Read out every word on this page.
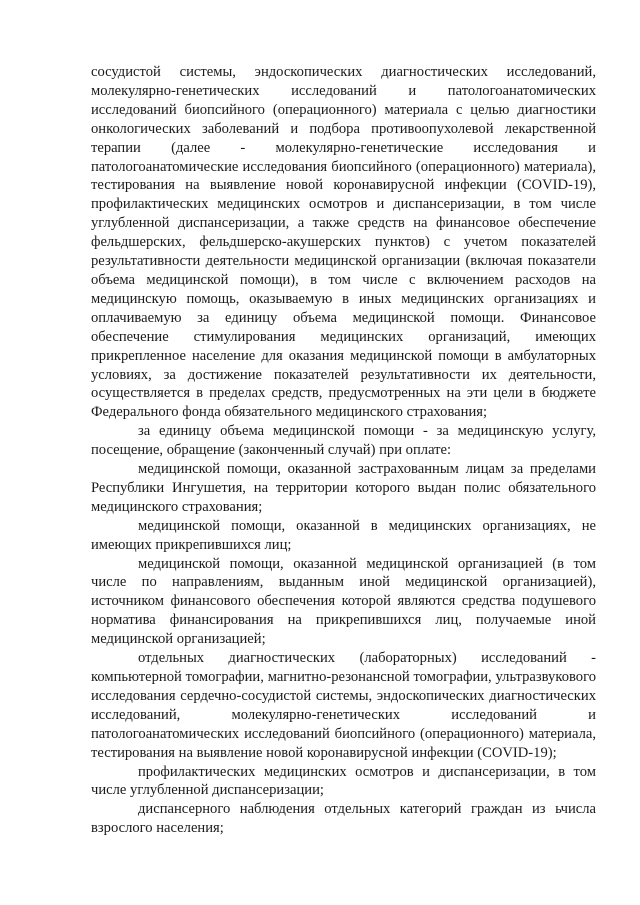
сосудистой системы, эндоскопических диагностических исследований, молекулярно-генетических исследований и патологоанатомических исследований биопсийного (операционного) материала с целью диагностики онкологических заболеваний и подбора противоопухолевой лекарственной терапии (далее - молекулярно-генетические исследования и патологоанатомические исследования биопсийного (операционного) материала), тестирования на выявление новой коронавирусной инфекции (COVID-19), профилактических медицинских осмотров и диспансеризации, в том числе углубленной диспансеризации, а также средств на финансовое обеспечение фельдшерских, фельдшерско-акушерских пунктов) с учетом показателей результативности деятельности медицинской организации (включая показатели объема медицинской помощи), в том числе с включением расходов на медицинскую помощь, оказываемую в иных медицинских организациях и оплачиваемую за единицу объема медицинской помощи. Финансовое обеспечение стимулирования медицинских организаций, имеющих прикрепленное население для оказания медицинской помощи в амбулаторных условиях, за достижение показателей результативности их деятельности, осуществляется в пределах средств, предусмотренных на эти цели в бюджете Федерального фонда обязательного медицинского страхования;

за единицу объема медицинской помощи - за медицинскую услугу, посещение, обращение (законченный случай) при оплате:

медицинской помощи, оказанной застрахованным лицам за пределами Республики Ингушетия, на территории которого выдан полис обязательного медицинского страхования;

медицинской помощи, оказанной в медицинских организациях, не имеющих прикрепившихся лиц;

медицинской помощи, оказанной медицинской организацией (в том числе по направлениям, выданным иной медицинской организацией), источником финансового обеспечения которой являются средства подушевого норматива финансирования на прикрепившихся лиц, получаемые иной медицинской организацией;

отдельных диагностических (лабораторных) исследований - компьютерной томографии, магнитно-резонансной томографии, ультразвукового исследования сердечно-сосудистой системы, эндоскопических диагностических исследований, молекулярно-генетических исследований и патологоанатомических исследований биопсийного (операционного) материала, тестирования на выявление новой коронавирусной инфекции (COVID-19);

профилактических медицинских осмотров и диспансеризации, в том числе углубленной диспансеризации;

диспансерного наблюдения отдельных категорий граждан из ьчисла взрослого населения;
